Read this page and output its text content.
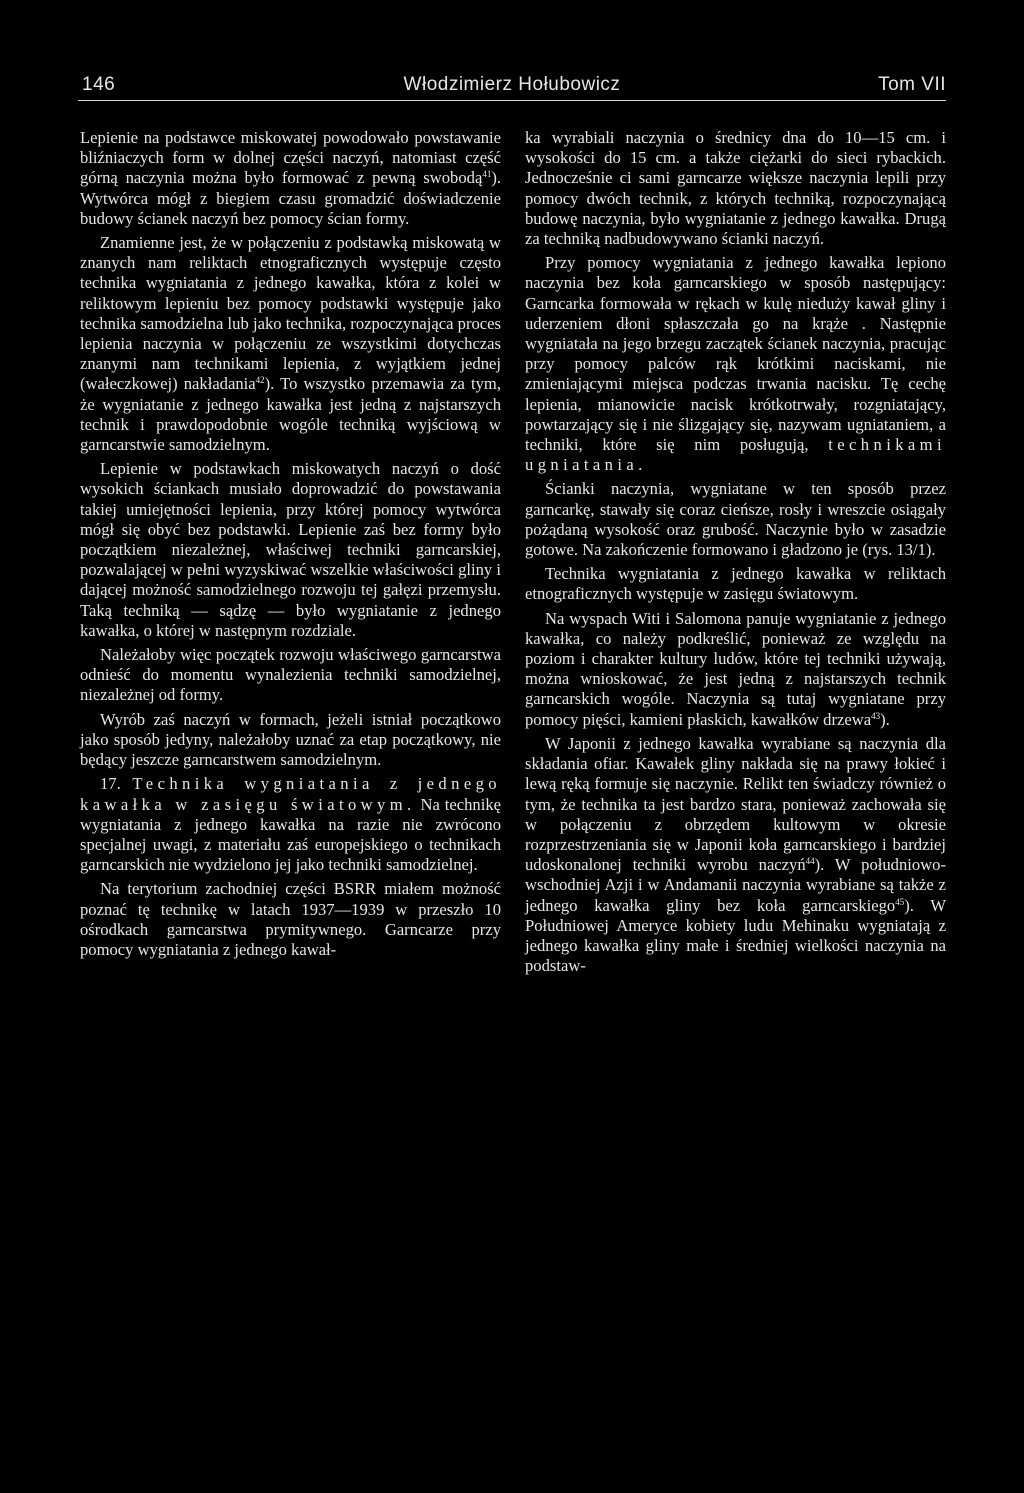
146	Włodzimierz Hołubowicz	Tom VII

Lepienie na podstawce miskowatej powodowało powstawanie bliźniaczych form w dolnej części naczyń, natomiast część górną naczynia można było formować z pewną swobodą$^{41}$). Wytwórca mógł z biegiem czasu gromadzić doświadczenie budowy ścianek naczyń bez pomocy ścian formy.

Znamienne jest, że w połączeniu z podstawką miskowatą w znanych nam reliktach etnograficznych występuje często technika wygniatania z jednego kawałka, która z kolei w reliktowym lepieniu bez pomocy podstawki występuje jako technika samodzielna lub jako technika, rozpoczynająca proces lepienia naczynia w połączeniu ze wszystkimi dotychczas znanymi nam technikami lepienia, z wyjątkiem jednej (wałeczkowej) nakładania$^{42}$). To wszystko przemawia za tym, że wygniatanie z jednego kawałka jest jedną z najstarszych technik i prawdopodobnie wogóle techniką wyjściową w garncarstwie samodzielnym.

Lepienie w podstawkach miskowatych naczyń o dość wysokich ściankach musiało doprowadzić do powstawania takiej umiejętności lepienia, przy której pomocy wytwórca mógł się obyć bez podstawki. Lepienie zaś bez formy było początkiem niezależnej, właściwej techniki garncarskiej, pozwalającej w pełni wyzyskiwać wszelkie właściwości gliny i dającej możność samodzielnego rozwoju tej gałęzi przemysłu. Taką techniką — sądzę — było wygniatanie z jednego kawałka, o której w następnym rozdziale.

Należałoby więc początek rozwoju właściwego garncarstwa odnieść do momentu wynalezienia techniki samodzielnej, niezależnej od formy.

Wyrób zaś naczyń w formach, jeżeli istniał początkowo jako sposób jedyny, należałoby uznać za etap początkowy, nie będący jeszcze garncarstwem samodzielnym.

17. Technika wygniatania z jednego kawałka w zasięgu światowym. Na technikę wygniatania z jednego kawałka na razie nie zwrócono specjalnej uwagi, z materiału zaś europejskiego o technikach garncarskich nie wydzielono jej jako techniki samodzielnej.

Na terytorium zachodniej części BSRR miałem możność poznać tę technikę w latach 1937—1939 w przeszło 10 ośrodkach garncarstwa prymitywnego. Garncarze przy pomocy wygniatania z jednego kawał-

ka wyrabiali naczynia o średnicy dna do 10—15 cm. i wysokości do 15 cm. a także ciężarki do sieci rybackich. Jednocześnie ci sami garncarze większe naczynia lepili przy pomocy dwóch technik, z których techniką, rozpoczynającą budowę naczynia, było wygniatanie z jednego kawałka. Drugą za techniką nadbudowywano ścianki naczyń.

Przy pomocy wygniatania z jednego kawałka lepiono naczynia bez koła garncarskiego w sposób następujący: Garncarka formowała w rękach w kulę nieduży kawał gliny i uderzeniem dłoni spłaszczała go na krąże . Następnie wygniatała na jego brzegu zaczątek ścianek naczynia, pracując przy pomocy palców rąk krótkimi naciskami, nie zmieniającymi miejsca podczas trwania nacisku. Tę cechę lepienia, mianowicie nacisk krótkotrwały, rozgniatający, powtarzający się i nie ślizgający się, nazywam ugniataniem, a techniki, które się nim posługują, technikami ugniatania.

Ścianki naczynia, wygniatane w ten sposób przez garncarkę, stawały się coraz cieńsze, rosły i wreszcie osiągały pożądaną wysokość oraz grubość. Naczynie było w zasadzie gotowe. Na zakończenie formowano i gładzono je (rys. 13/1).

Technika wygniatania z jednego kawałka w reliktach etnograficznych występuje w zasięgu światowym.

Na wyspach Witi i Salomona panuje wygniatanie z jednego kawałka, co należy podkreślić, ponieważ ze względu na poziom i charakter kultury ludów, które tej techniki używają, można wnioskować, że jest jedną z najstarszych technik garncarskich wogóle. Naczynia są tutaj wygniatane przy pomocy pięści, kamieni płaskich, kawałków drzewa$^{43}$).

W Japonii z jednego kawałka wyrabiane są naczynia dla składania ofiar. Kawałek gliny nakłada się na prawy łokieć i lewą ręką formuje się naczynie. Relikt ten świadczy również o tym, że technika ta jest bardzo stara, ponieważ zachowała się w połączeniu z obrzędem kultowym w okresie rozprzestrzeniania się w Japonii koła garncarskiego i bardziej udoskonalonej techniki wyrobu naczyń$^{44}$). W południowo-wschodniej Azji i w Andamanii naczynia wyrabiane są także z jednego kawałka gliny bez koła garncarskiego$^{45}$). W Południowej Ameryce kobiety ludu Mehinaku wygniatają z jednego kawałka gliny małe i średniej wielkości naczynia na podstaw-
